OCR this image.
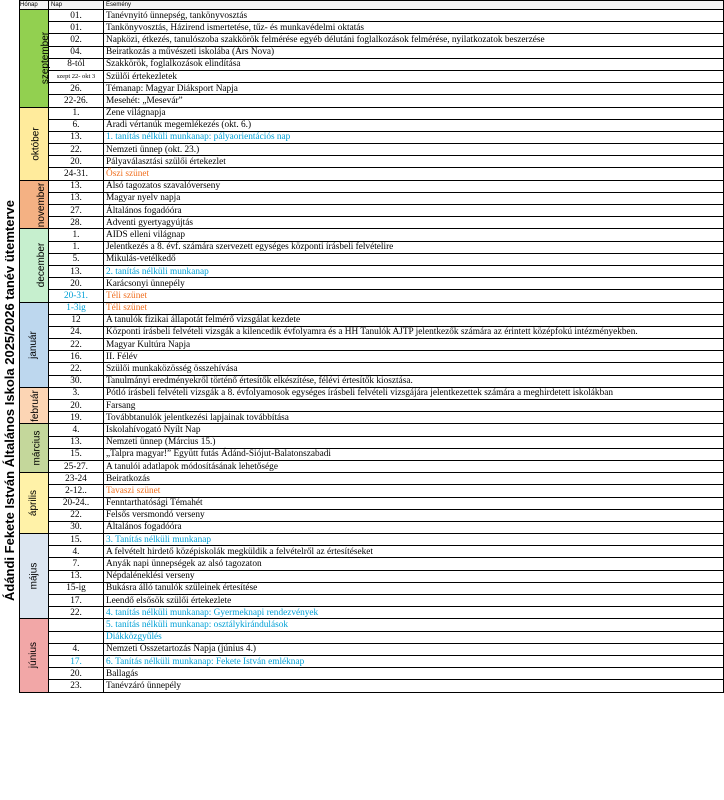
Ádándi Fekete István Általános Iskola 2025/2026 tanév ütemterve
Hónap	Nap	Esemény
szeptember	01.	Tanévnyitó ünnepség, tankönyvosztás
	01.	Tankönyvosztás, Házirend ismertetése, tűz- és munkavédelmi oktatás
	02.	Napközi, étkezés, tanulószoba szakkörök felmérése egyéb délutáni foglalkozások felmérése, nyilatkozatok beszerzése
	04.	Beiratkozás a művészeti iskolába (Ars Nova)
	8-tól	Szakkörök, foglalkozások elindítása
	szept 22- okt 3	Szülői értekezletek
	26.	Témanap: Magyar Diáksport Napja
	22-26.	Mesehét: „Mesevár”
október	1.	Zene világnapja
	6.	Aradi vértanúk megemlékezés (okt. 6.)
	13.	1. tanítás nélküli munkanap: pályaorientációs nap
	22.	Nemzeti ünnep (okt. 23.)
	20.	Pályaválasztási szülői értekezlet
	24-31.	Őszi szünet
november	13.	Alsó tagozatos szavalóverseny
	13.	Magyar nyelv napja
	27.	Általános fogadóóra
	28.	Adventi gyertyagyújtás
december	1.	AIDS elleni világnap
	1.	Jelentkezés a 8. évf. számára szervezett egységes központi írásbeli felvételire
	5.	Mikulás-vetélkedő
	13.	2. tanítás nélküli munkanap
	20.	Karácsonyi ünnepély
	20-31.	Téli szünet
január	1-3ig	Téli szünet
	12	A tanulók fizikai állapotát felmérő vizsgálat kezdete
	24.	Központi írásbeli felvételi vizsgák a kilencedik évfolyamra és a HH Tanulók AJTP jelentkezők számára az érintett középfokú intézményekben.
	22.	Magyar Kultúra Napja
	16.	II. Félév
	22.	Szülői munkaközösség összehívása
	30.	Tanulmányi eredményekről történő értesítők elkészítése, félévi értesítők kiosztása.
február	3.	Pótló írásbeli felvételi vizsgák a 8. évfolyamosok egységes írásbeli felvételi vizsgájára jelentkezettek számára a meghirdetett iskolákban
	20.	Farsang
	19.	Továbbtanulók jelentkezési lapjainak továbbítása
március	4.	Iskolahívogató Nyílt Nap
	13.	Nemzeti ünnep (Március 15.)
	15.	„Talpra magyar!” Együtt futás Ádánd-Siójut-Balatonszabadi
	25-27.	A tanulói adatlapok módosításának lehetősége
április	23-24	Beiratkozás
	2-12..	Tavaszi szünet
	20-24..	Fenntarthatósági Témahét
	22.	Felsős versmondó verseny
	30.	Általános fogadóóra
május	15.	3. Tanítás nélküli munkanap
	4.	A felvételt hirdető középiskolák megküldik a felvételről az értesítéseket
	7.	Anyák napi ünnepségek az alsó tagozaton
	13.	Népdaléneklési verseny
	15-ig	Bukásra álló tanulók szüleinek értesítése
	17.	Leendő elsősök szülői értekezlete
	22.	4. tanítás nélküli munkanap: Gyermeknapi rendezvények
június		5. tanítás nélküli munkanap: osztálykirándulások
		Diákközgyűlés
	4.	Nemzeti Összetartozás Napja (június 4.)
	17.	6. Tanítás nélküli munkanap: Fekete István emléknap
	20.	Ballagás
	23.	Tanévzáró ünnepély
